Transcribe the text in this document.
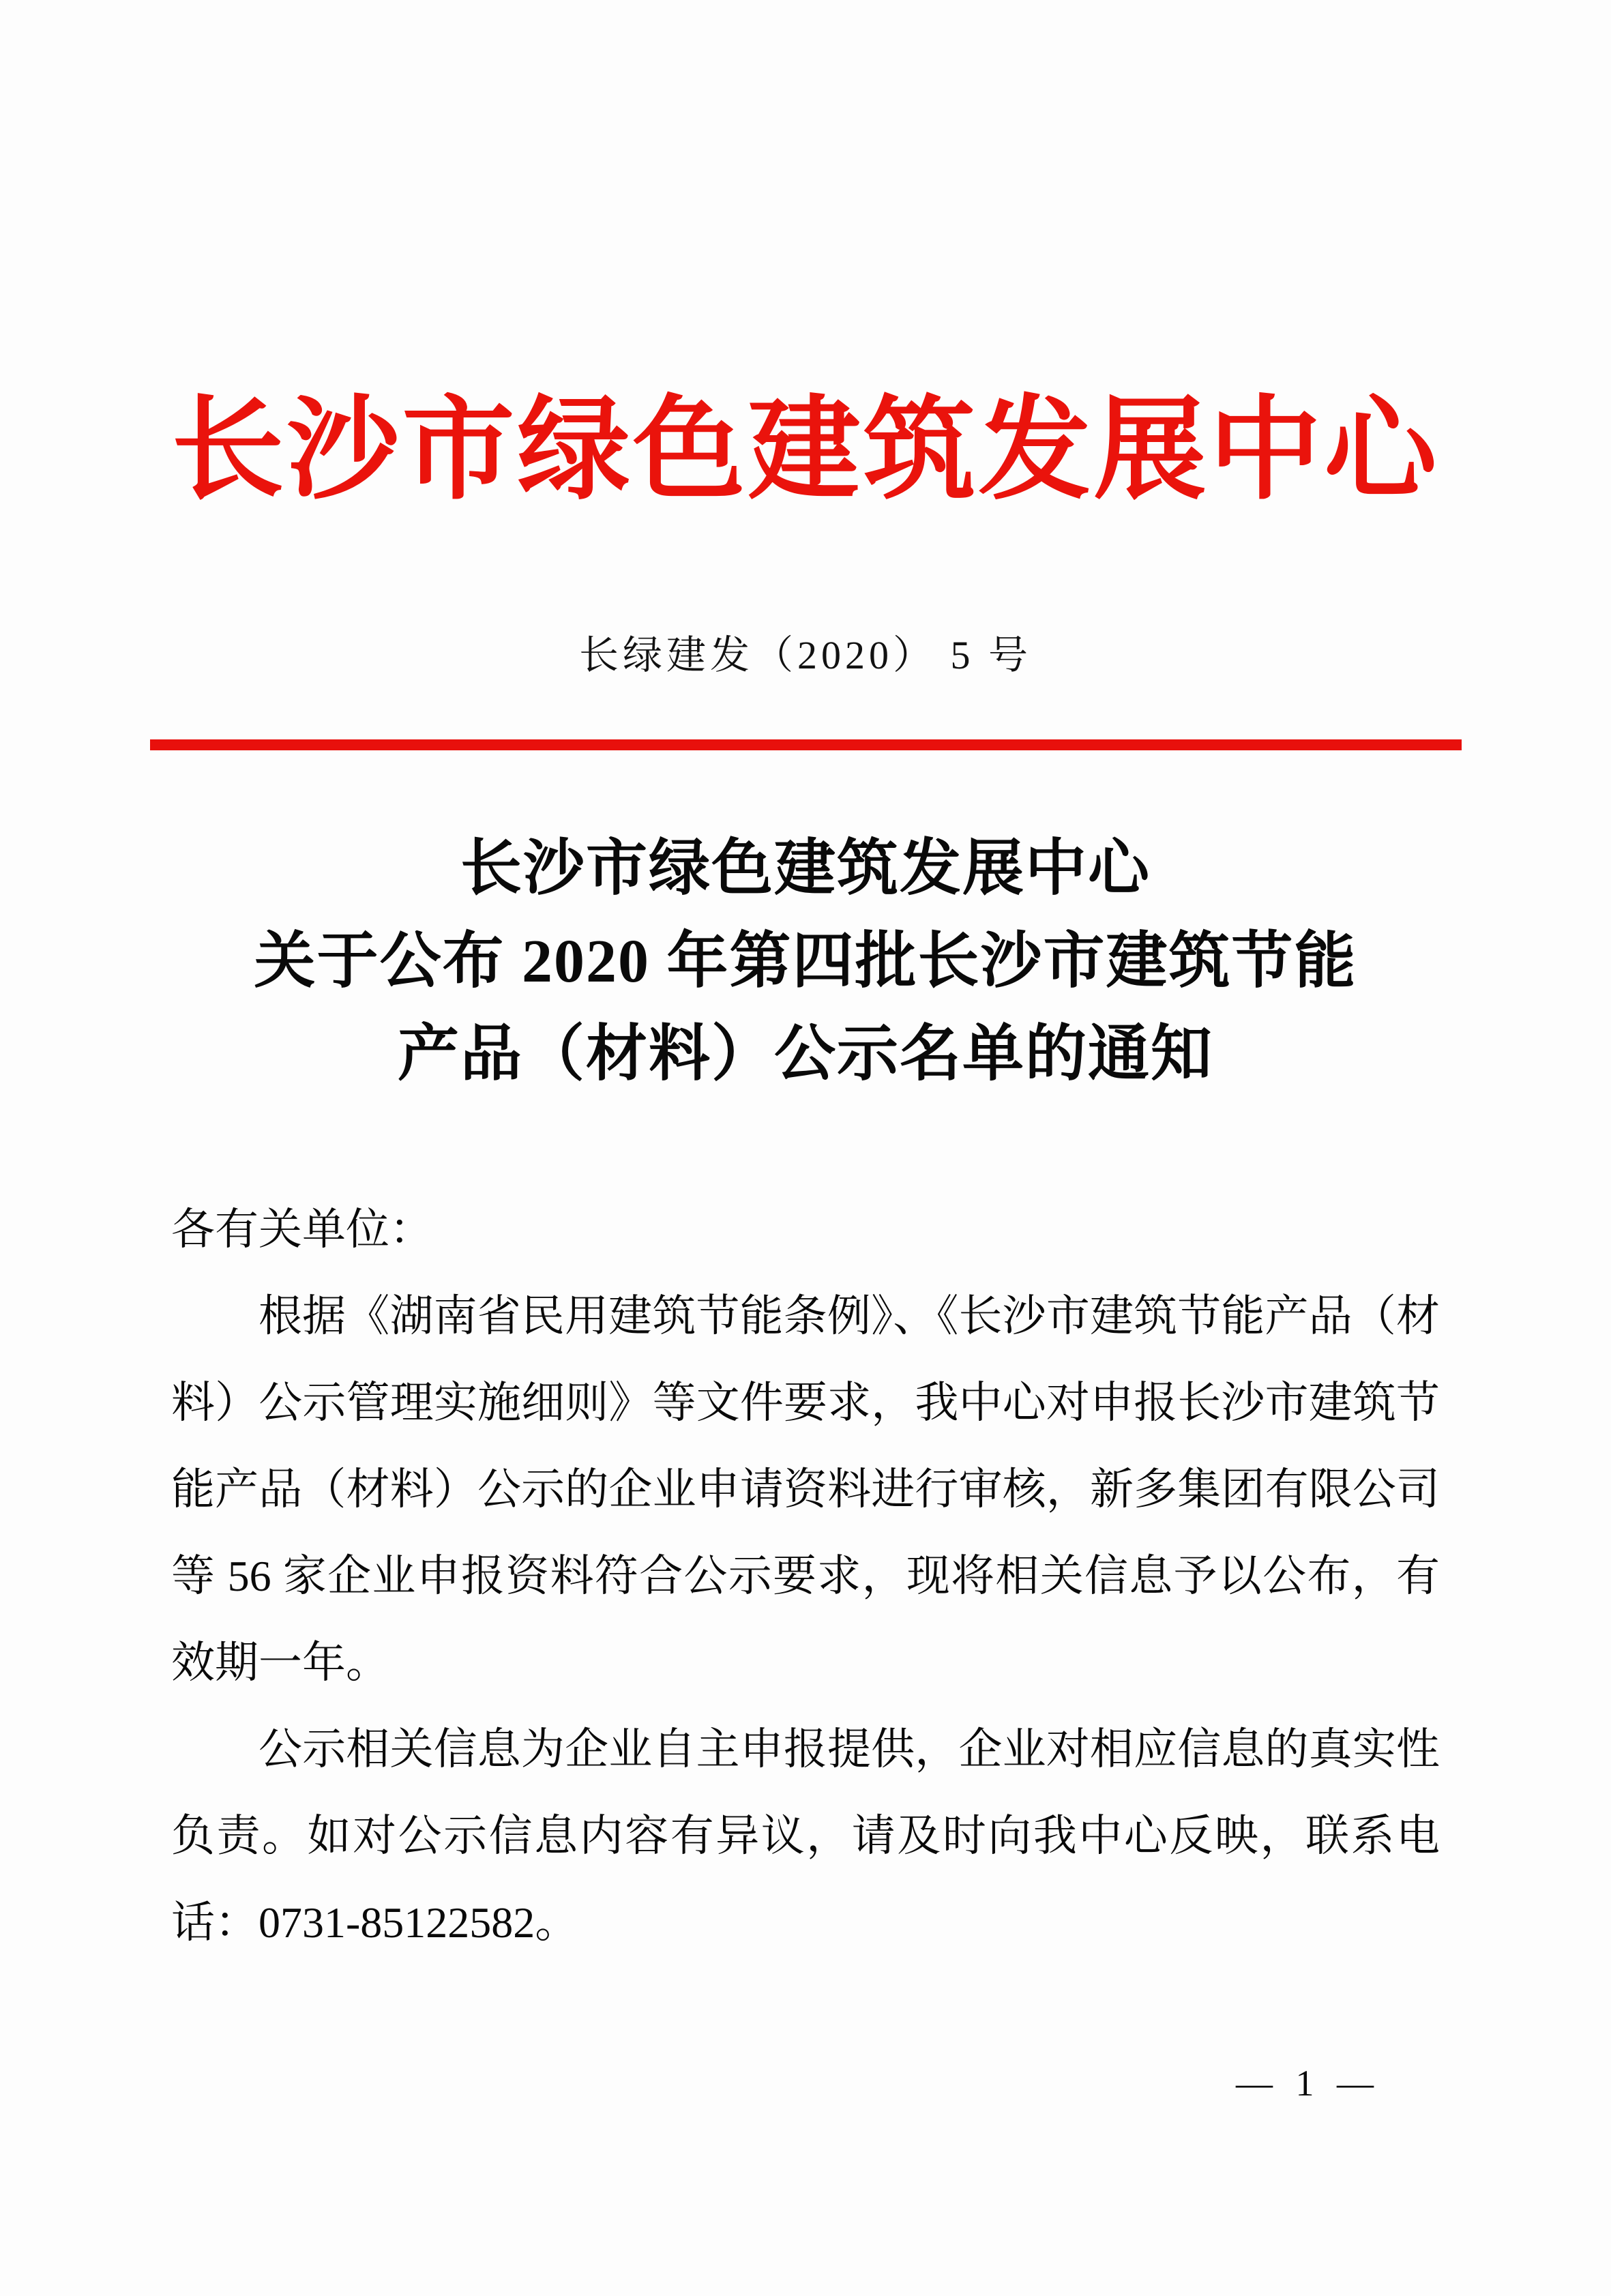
长沙市绿色建筑发展中心
长绿建发（2020） 5 号
长沙市绿色建筑发展中心
关于公布 2020 年第四批长沙市建筑节能
产品（材料）公示名单的通知

各有关单位：

根据《湖南省民用建筑节能条例》、《长沙市建筑节能产品（材料）公示管理实施细则》等文件要求，我中心对申报长沙市建筑节能产品（材料）公示的企业申请资料进行审核，新多集团有限公司等 56 家企业申报资料符合公示要求，现将相关信息予以公布，有效期一年。

公示相关信息为企业自主申报提供，企业对相应信息的真实性负责。如对公示信息内容有异议，请及时向我中心反映，联系电话：0731-85122582。

— 1 —
